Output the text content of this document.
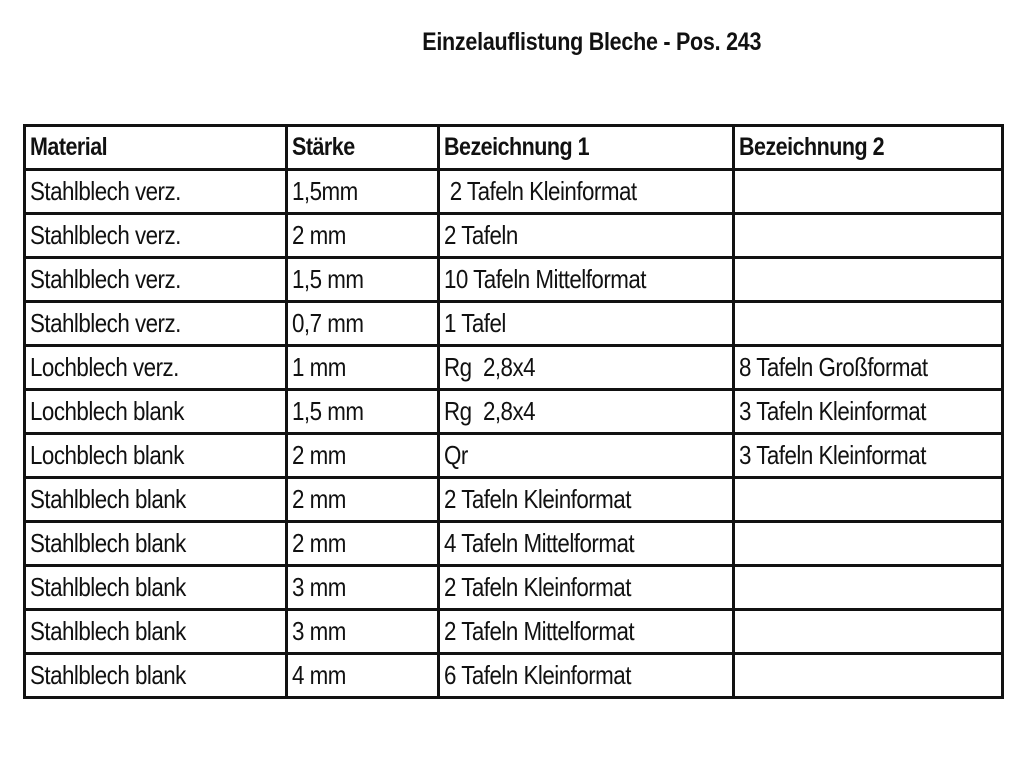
Einzelauflistung Bleche - Pos. 243
Material	Stärke	Bezeichnung 1	Bezeichnung 2
Stahlblech verz.	1,5mm	2 Tafeln Kleinformat	
Stahlblech verz.	2 mm	2 Tafeln	
Stahlblech verz.	1,5 mm	10 Tafeln Mittelformat	
Stahlblech verz.	0,7 mm	1 Tafel	
Lochblech verz.	1 mm	Rg  2,8x4	8 Tafeln Großformat
Lochblech blank	1,5 mm	Rg  2,8x4	3 Tafeln Kleinformat
Lochblech blank	2 mm	Qr	3 Tafeln Kleinformat
Stahlblech blank	2 mm	2 Tafeln Kleinformat	
Stahlblech blank	2 mm	4 Tafeln Mittelformat	
Stahlblech blank	3 mm	2 Tafeln Kleinformat	
Stahlblech blank	3 mm	2 Tafeln Mittelformat	
Stahlblech blank	4 mm	6 Tafeln Kleinformat	
